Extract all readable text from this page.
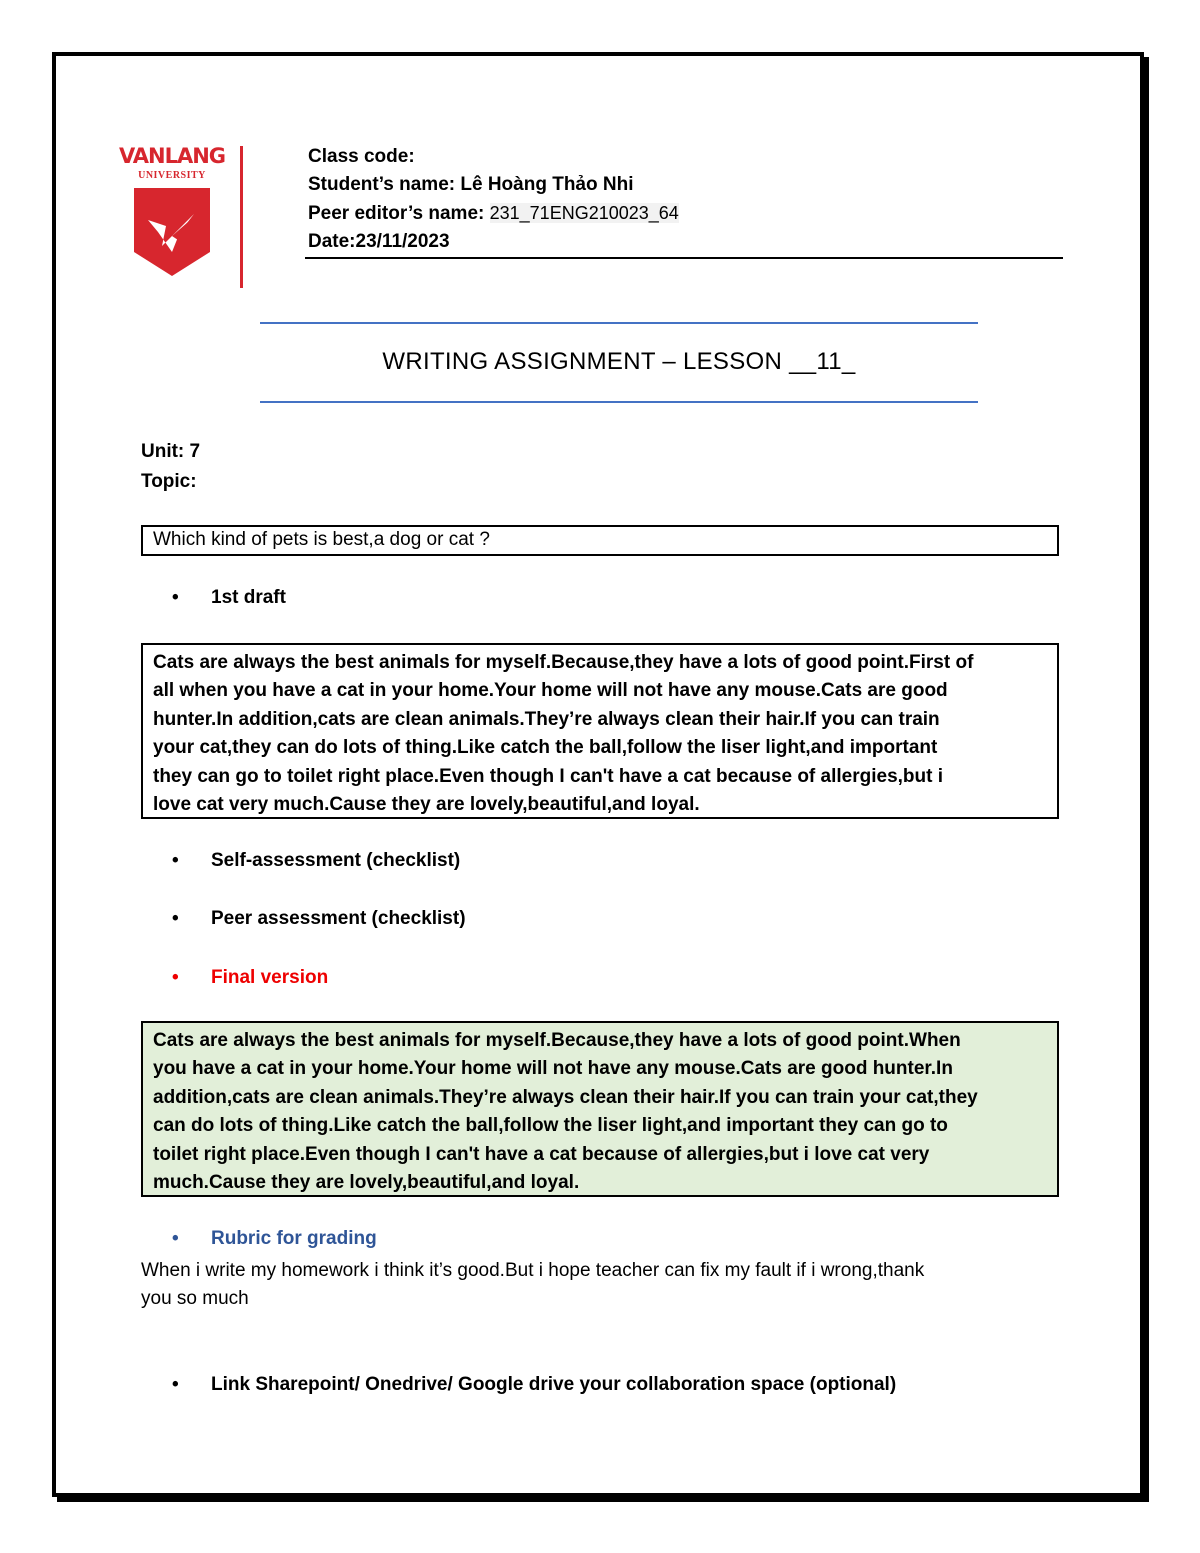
VANLANG
UNIVERSITY
Class code:
Student’s name: Lê Hoàng Thảo Nhi
Peer editor’s name: 231_71ENG210023_64
Date:23/11/2023
WRITING ASSIGNMENT – LESSON __11_
Unit: 7
Topic:
Which kind of pets is best,a dog or cat ?
• 1st draft
Cats are always the best animals for myself.Because,they have a lots of good point.First of
all when you have a cat in your home.Your home will not have any mouse.Cats are good
hunter.In addition,cats are clean animals.They’re always clean their hair.If you can train
your cat,they can do lots of thing.Like catch the ball,follow the liser light,and important
they can go to toilet right place.Even though I can't have a cat because of allergies,but i
love cat very much.Cause they are lovely,beautiful,and loyal.
• Self-assessment (checklist)
• Peer assessment (checklist)
• Final version
Cats are always the best animals for myself.Because,they have a lots of good point.When
you have a cat in your home.Your home will not have any mouse.Cats are good hunter.In
addition,cats are clean animals.They’re always clean their hair.If you can train your cat,they
can do lots of thing.Like catch the ball,follow the liser light,and important they can go to
toilet right place.Even though I can't have a cat because of allergies,but i love cat very
much.Cause they are lovely,beautiful,and loyal.
• Rubric for grading
When i write my homework i think it’s good.But i hope teacher can fix my fault if i wrong,thank
you so much
• Link Sharepoint/ Onedrive/ Google drive your collaboration space (optional)
